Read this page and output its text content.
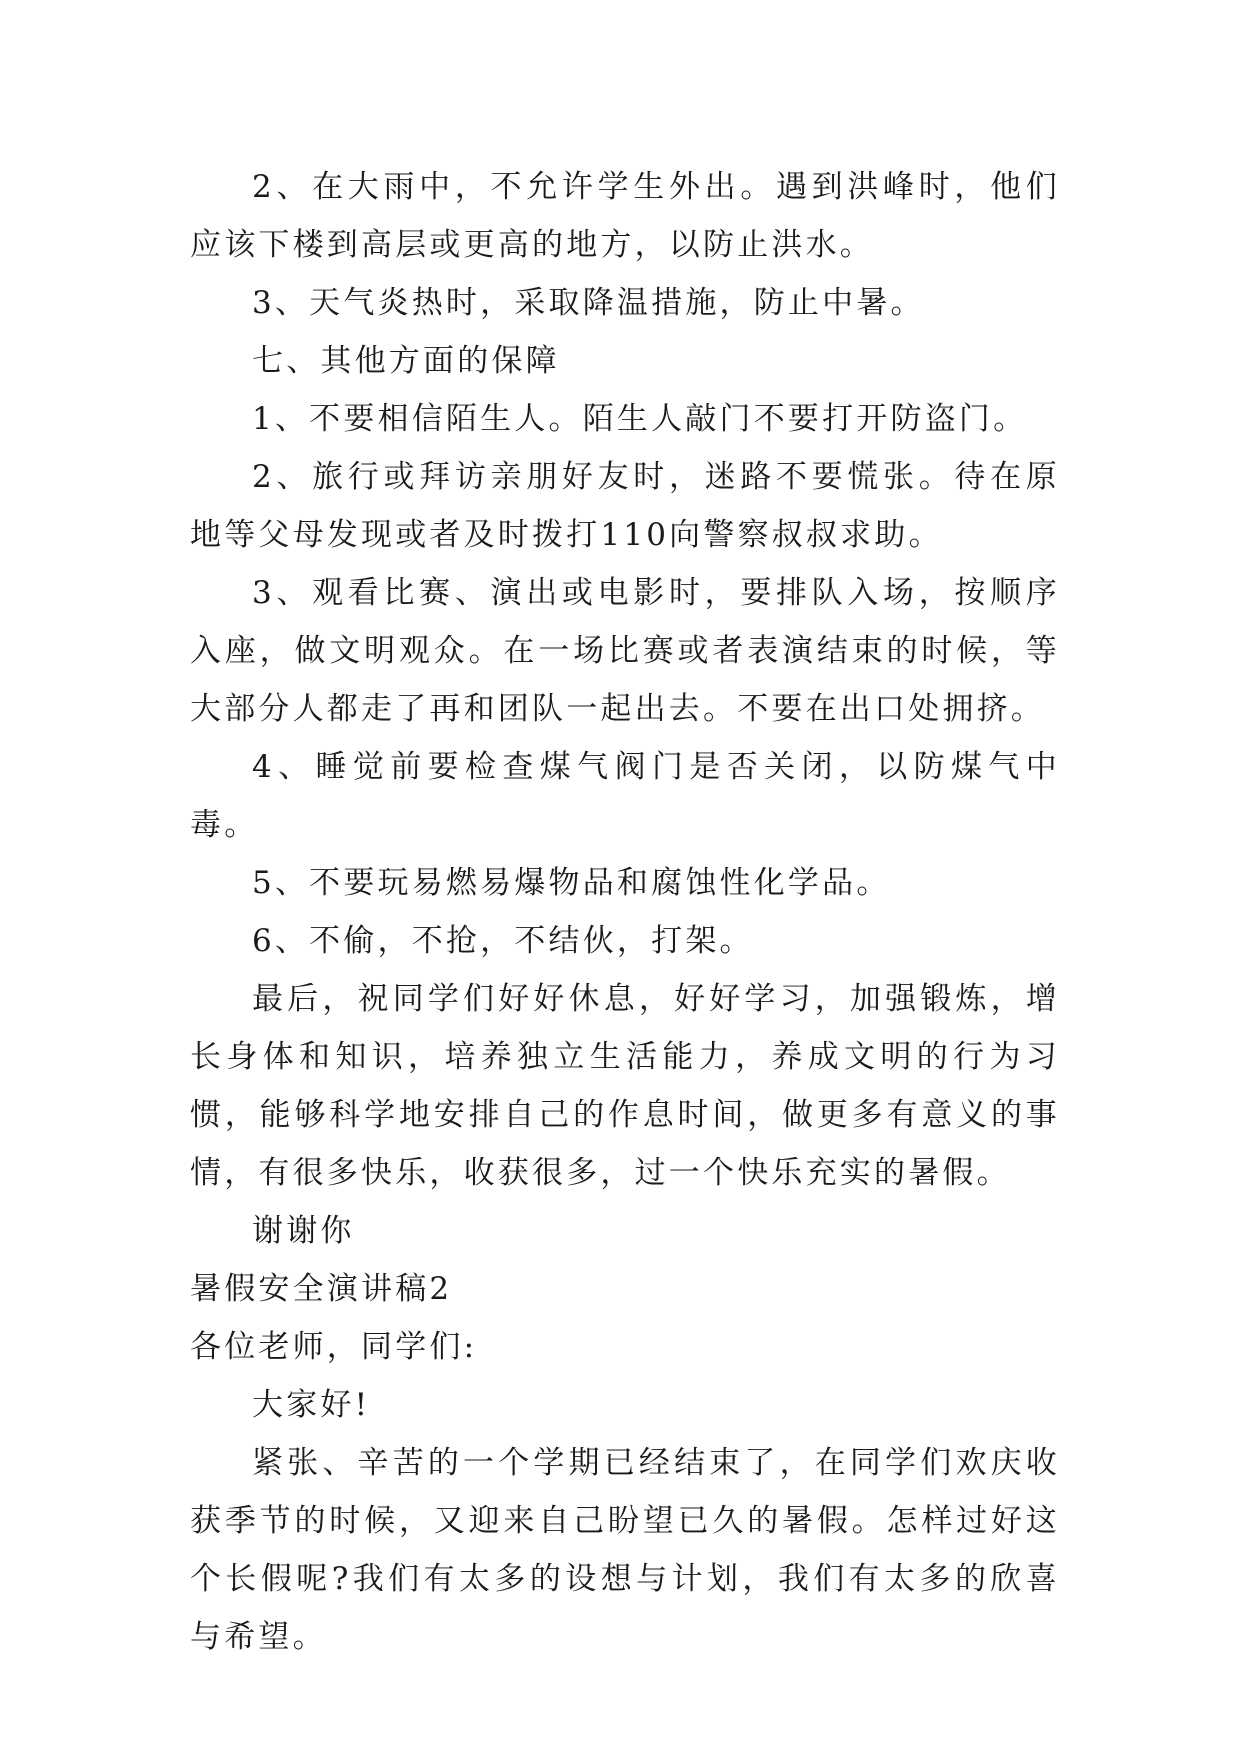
2、在大雨中，不允许学生外出。遇到洪峰时，他们应该下楼到高层或更高的地方，以防止洪水。

3、天气炎热时，采取降温措施，防止中暑。

七、其他方面的保障

1、不要相信陌生人。陌生人敲门不要打开防盗门。

2、旅行或拜访亲朋好友时，迷路不要慌张。待在原地等父母发现或者及时拨打110向警察叔叔求助。

3、观看比赛、演出或电影时，要排队入场，按顺序入座，做文明观众。在一场比赛或者表演结束的时候，等大部分人都走了再和团队一起出去。不要在出口处拥挤。

4、睡觉前要检查煤气阀门是否关闭，以防煤气中毒。

5、不要玩易燃易爆物品和腐蚀性化学品。

6、不偷，不抢，不结伙，打架。

最后，祝同学们好好休息，好好学习，加强锻炼，增长身体和知识，培养独立生活能力，养成文明的行为习惯，能够科学地安排自己的作息时间，做更多有意义的事情，有很多快乐，收获很多，过一个快乐充实的暑假。

谢谢你

暑假安全演讲稿2

各位老师，同学们:

大家好!

紧张、辛苦的一个学期已经结束了，在同学们欢庆收获季节的时候，又迎来自己盼望已久的暑假。怎样过好这个长假呢?我们有太多的设想与计划，我们有太多的欣喜与希望。
